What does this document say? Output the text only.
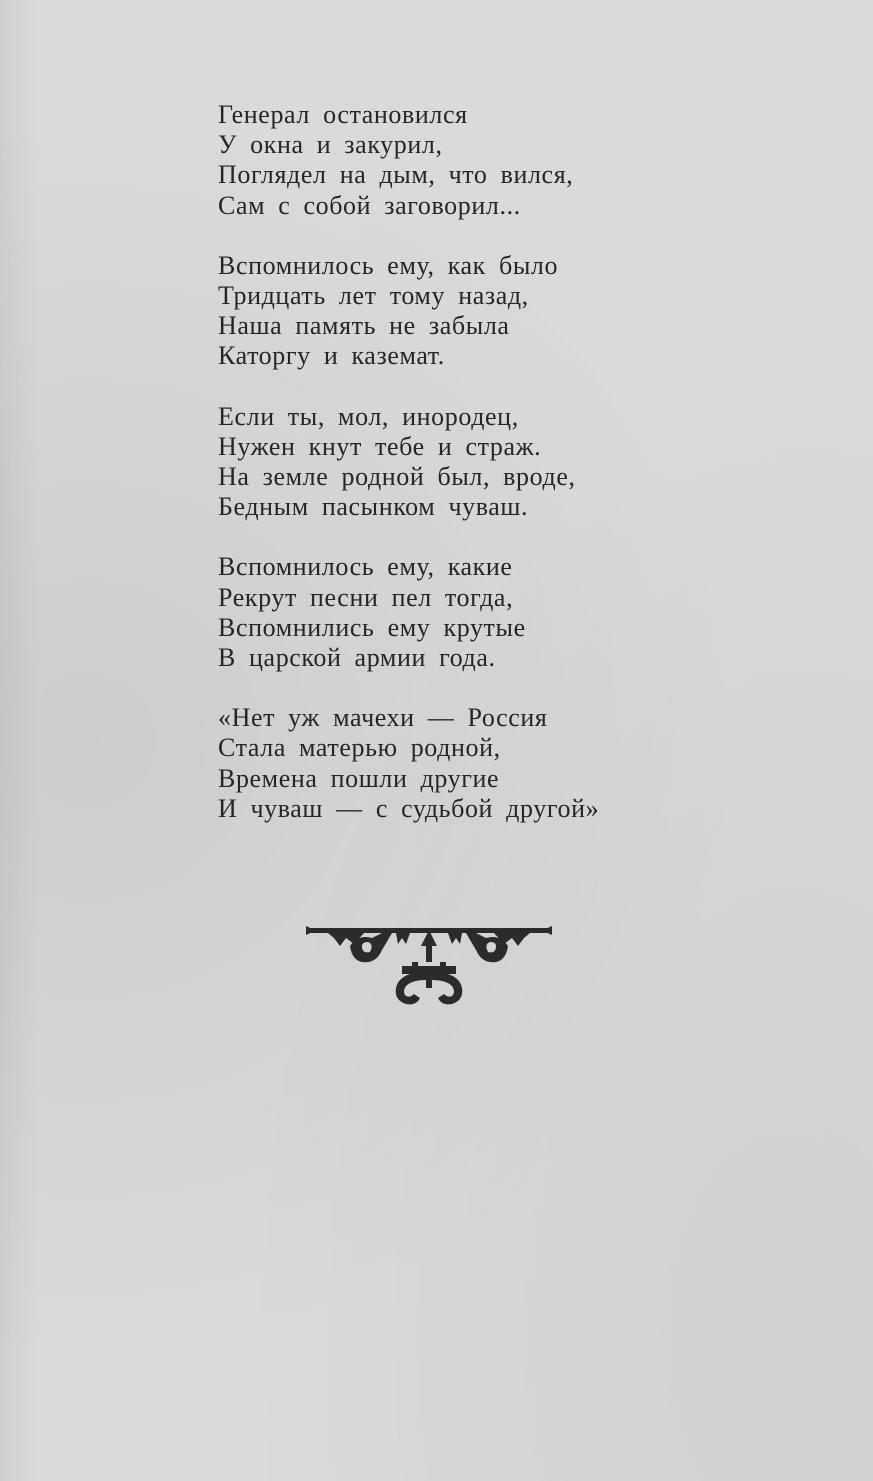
Генерал остановился
У окна и закурил,
Поглядел на дым, что вился,
Сам с собой заговорил...
Вспомнилось ему, как было
Тридцать лет тому назад,
Наша память не забыла
Каторгу и каземат.
Если ты, мол, инородец,
Нужен кнут тебе и страж.
На земле родной был, вроде,
Бедным пасынком чуваш.
Вспомнилось ему, какие
Рекрут песни пел тогда,
Вспомнились ему крутые
В царской армии года.
«Нет уж мачехи — Россия
Стала матерью родной,
Времена пошли другие
И чуваш — с судьбой другой»
